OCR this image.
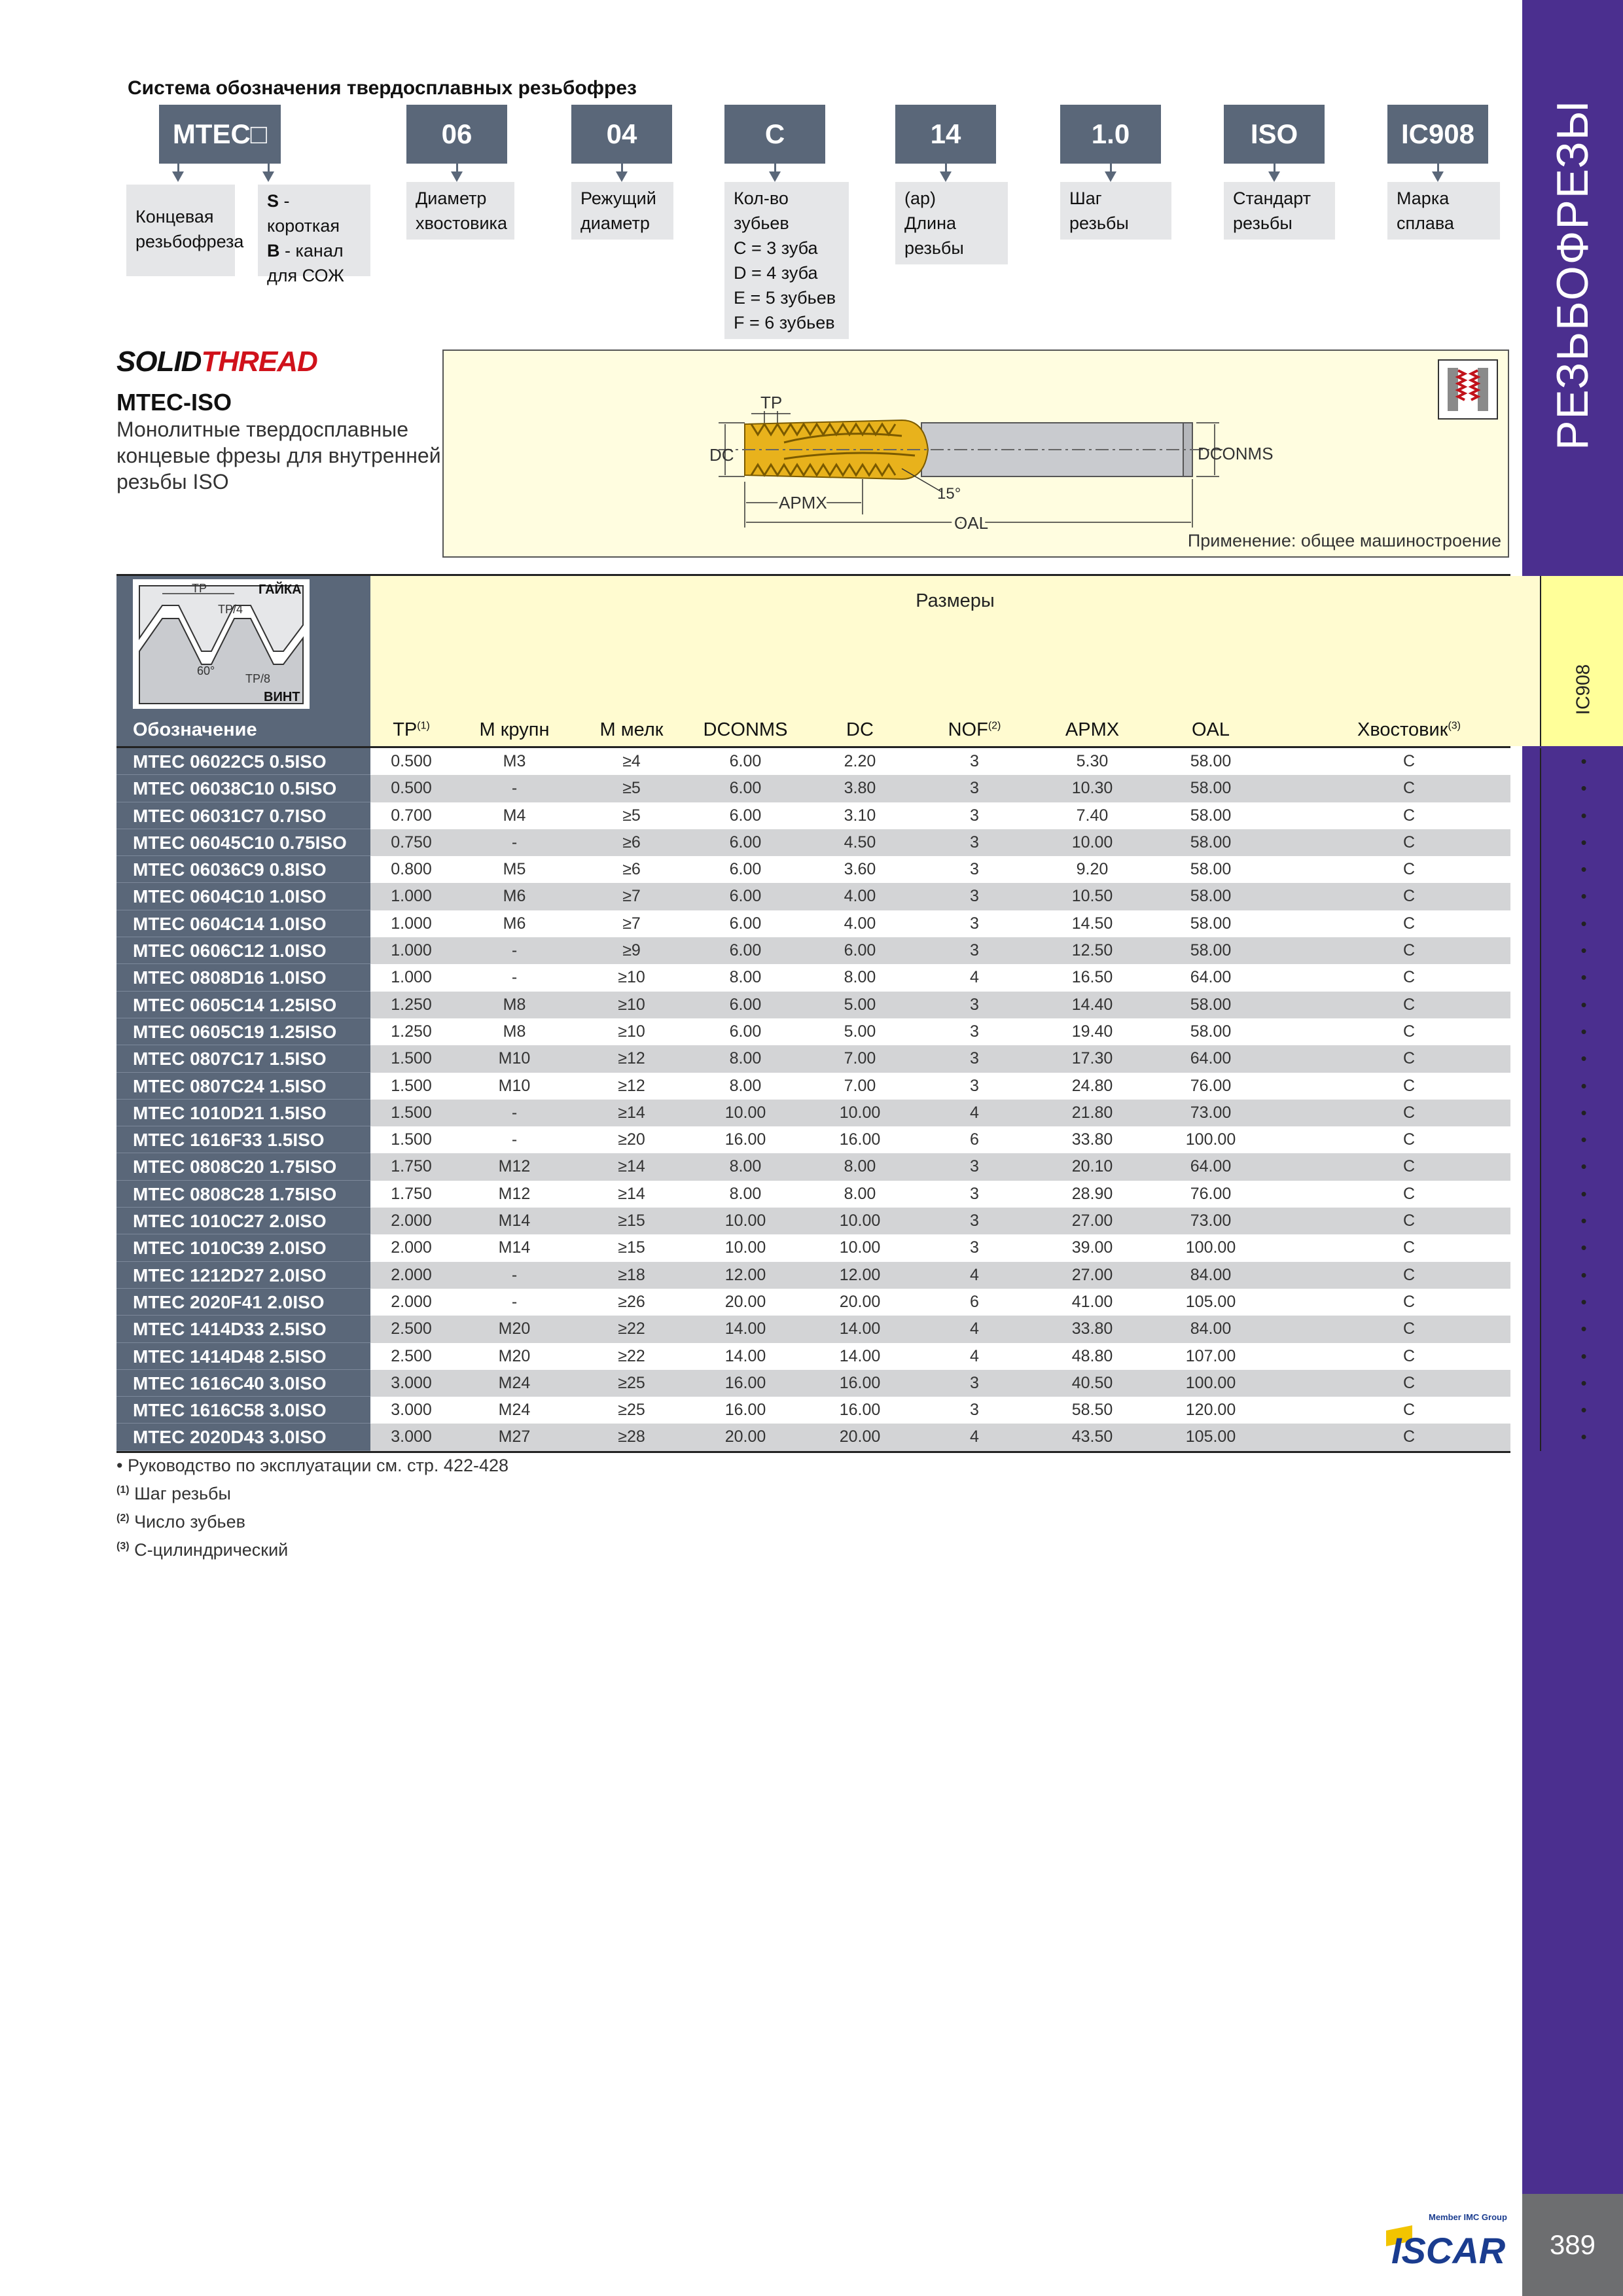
РЕЗЬБОФРЕЗЫ
389
Система обозначения твердосплавных резьбофрез
MTEC□
Концевая
резьбофреза
06
Диаметр
хвостовика
04
Режущий
диаметр
C
Кол-во зубьев
C = 3 зуба
D = 4 зуба
E = 5 зубьев
F = 6 зубьев
14
(ap)
Длина
резьбы
1.0
Шаг
резьбы
ISO
Стандарт
резьбы
IC908
Марка
сплава
S - короткая
B - канал
для СОЖ
SOLIDTHREAD
MTEC-ISO
Монолитные твердосплавные концевые фрезы для внутренней резьбы ISO
DC	DCONMS
TP
APMX
OAL
15°
Применение: общее машиностроение
TP
TP/4
TP/8
60°
ГАЙКА
ВИНТ
Обозначение
Размеры
IC908
TP$^{(1)}$	M крупн	M мелк	DCONMS	DC	NOF$^{(2)}$	APMX	OAL	Хвостовик$^{(3)}$
MTEC 06022C5 0.5ISO	0.500	M3	≥4	6.00	2.20	3	5.30	58.00	C	•
MTEC 06038C10 0.5ISO	0.500	-	≥5	6.00	3.80	3	10.30	58.00	C	•
MTEC 06031C7 0.7ISO	0.700	M4	≥5	6.00	3.10	3	7.40	58.00	C	•
MTEC 06045C10 0.75ISO	0.750	-	≥6	6.00	4.50	3	10.00	58.00	C	•
MTEC 06036C9 0.8ISO	0.800	M5	≥6	6.00	3.60	3	9.20	58.00	C	•
MTEC 0604C10 1.0ISO	1.000	M6	≥7	6.00	4.00	3	10.50	58.00	C	•
MTEC 0604C14 1.0ISO	1.000	M6	≥7	6.00	4.00	3	14.50	58.00	C	•
MTEC 0606C12 1.0ISO	1.000	-	≥9	6.00	6.00	3	12.50	58.00	C	•
MTEC 0808D16 1.0ISO	1.000	-	≥10	8.00	8.00	4	16.50	64.00	C	•
MTEC 0605C14 1.25ISO	1.250	M8	≥10	6.00	5.00	3	14.40	58.00	C	•
MTEC 0605C19 1.25ISO	1.250	M8	≥10	6.00	5.00	3	19.40	58.00	C	•
MTEC 0807C17 1.5ISO	1.500	M10	≥12	8.00	7.00	3	17.30	64.00	C	•
MTEC 0807C24 1.5ISO	1.500	M10	≥12	8.00	7.00	3	24.80	76.00	C	•
MTEC 1010D21 1.5ISO	1.500	-	≥14	10.00	10.00	4	21.80	73.00	C	•
MTEC 1616F33 1.5ISO	1.500	-	≥20	16.00	16.00	6	33.80	100.00	C	•
MTEC 0808C20 1.75ISO	1.750	M12	≥14	8.00	8.00	3	20.10	64.00	C	•
MTEC 0808C28 1.75ISO	1.750	M12	≥14	8.00	8.00	3	28.90	76.00	C	•
MTEC 1010C27 2.0ISO	2.000	M14	≥15	10.00	10.00	3	27.00	73.00	C	•
MTEC 1010C39 2.0ISO	2.000	M14	≥15	10.00	10.00	3	39.00	100.00	C	•
MTEC 1212D27 2.0ISO	2.000	-	≥18	12.00	12.00	4	27.00	84.00	C	•
MTEC 2020F41 2.0ISO	2.000	-	≥26	20.00	20.00	6	41.00	105.00	C	•
MTEC 1414D33 2.5ISO	2.500	M20	≥22	14.00	14.00	4	33.80	84.00	C	•
MTEC 1414D48 2.5ISO	2.500	M20	≥22	14.00	14.00	4	48.80	107.00	C	•
MTEC 1616C40 3.0ISO	3.000	M24	≥25	16.00	16.00	3	40.50	100.00	C	•
MTEC 1616C58 3.0ISO	3.000	M24	≥25	16.00	16.00	3	58.50	120.00	C	•
MTEC 2020D43 3.0ISO	3.000	M27	≥28	20.00	20.00	4	43.50	105.00	C	•
• Руководство по эксплуатации см. стр. 422-428
$^{(1)}$ Шаг резьбы
$^{(2)}$ Число зубьев
$^{(3)}$ C-цилиндрический
Member IMC Group
ISCAR
